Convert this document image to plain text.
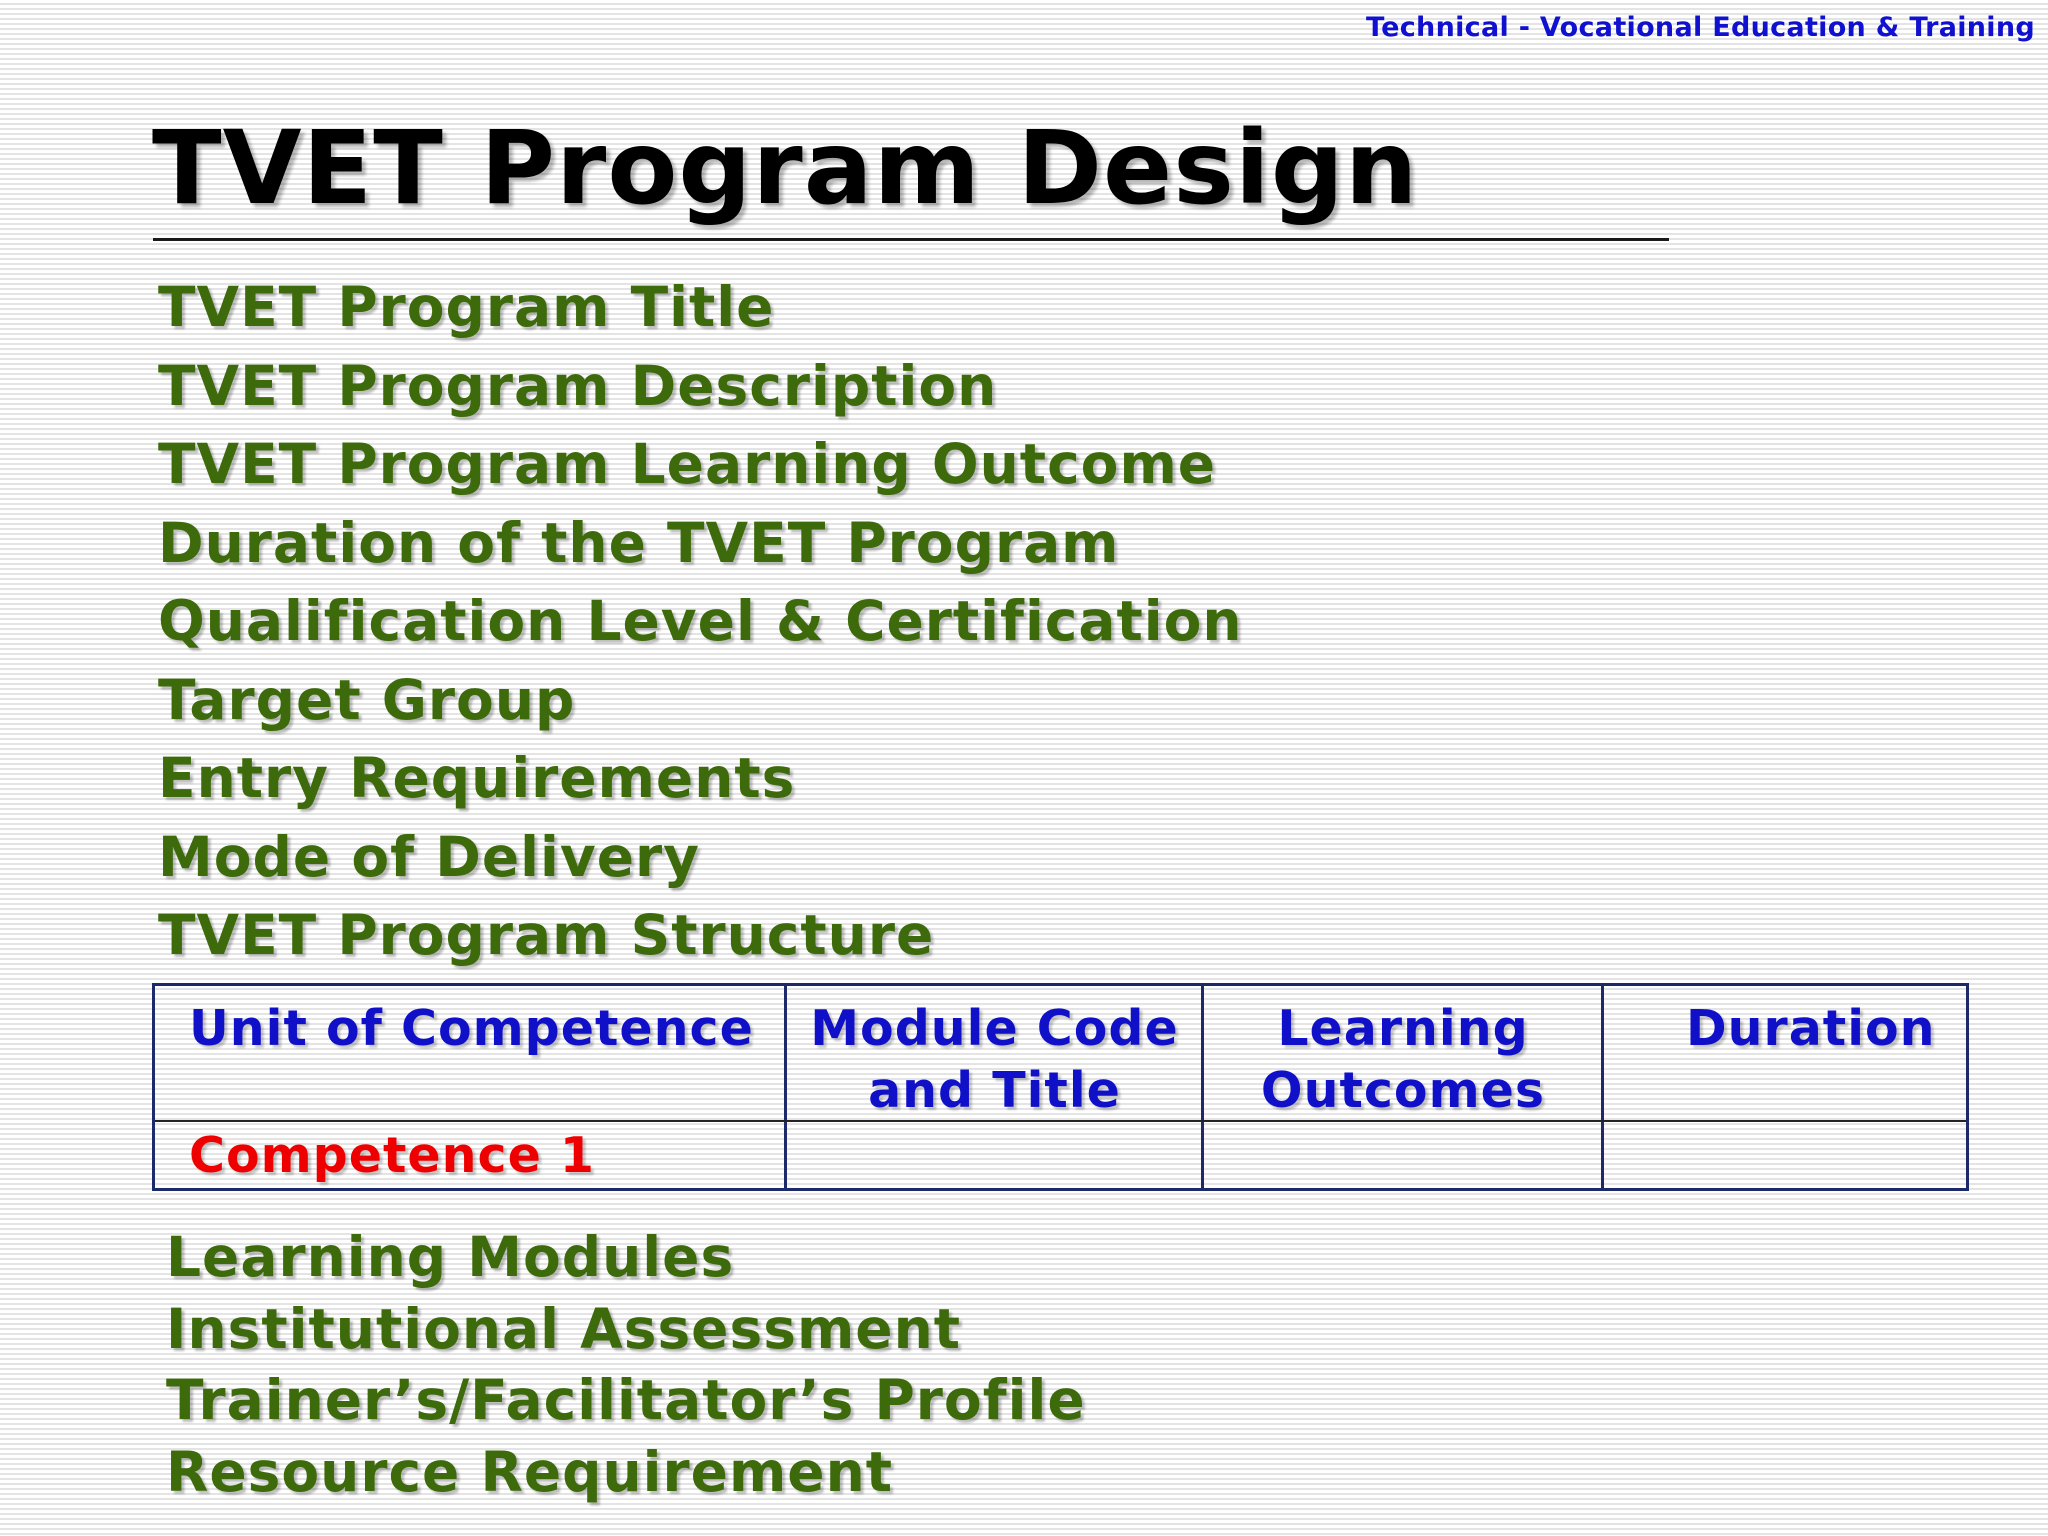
Technical - Vocational Education & Training
TVET Program Design
TVET Program Title
TVET Program Description
TVET Program Learning Outcome
Duration of the TVET Program
Qualification Level & Certification
Target Group
Entry Requirements
Mode of Delivery
TVET Program Structure
Unit of Competence	Module Code
and Title
Learning
Outcomes
Duration
Competence 1
Learning Modules
Institutional Assessment
Trainer’s/Facilitator’s Profile
Resource Requirement
